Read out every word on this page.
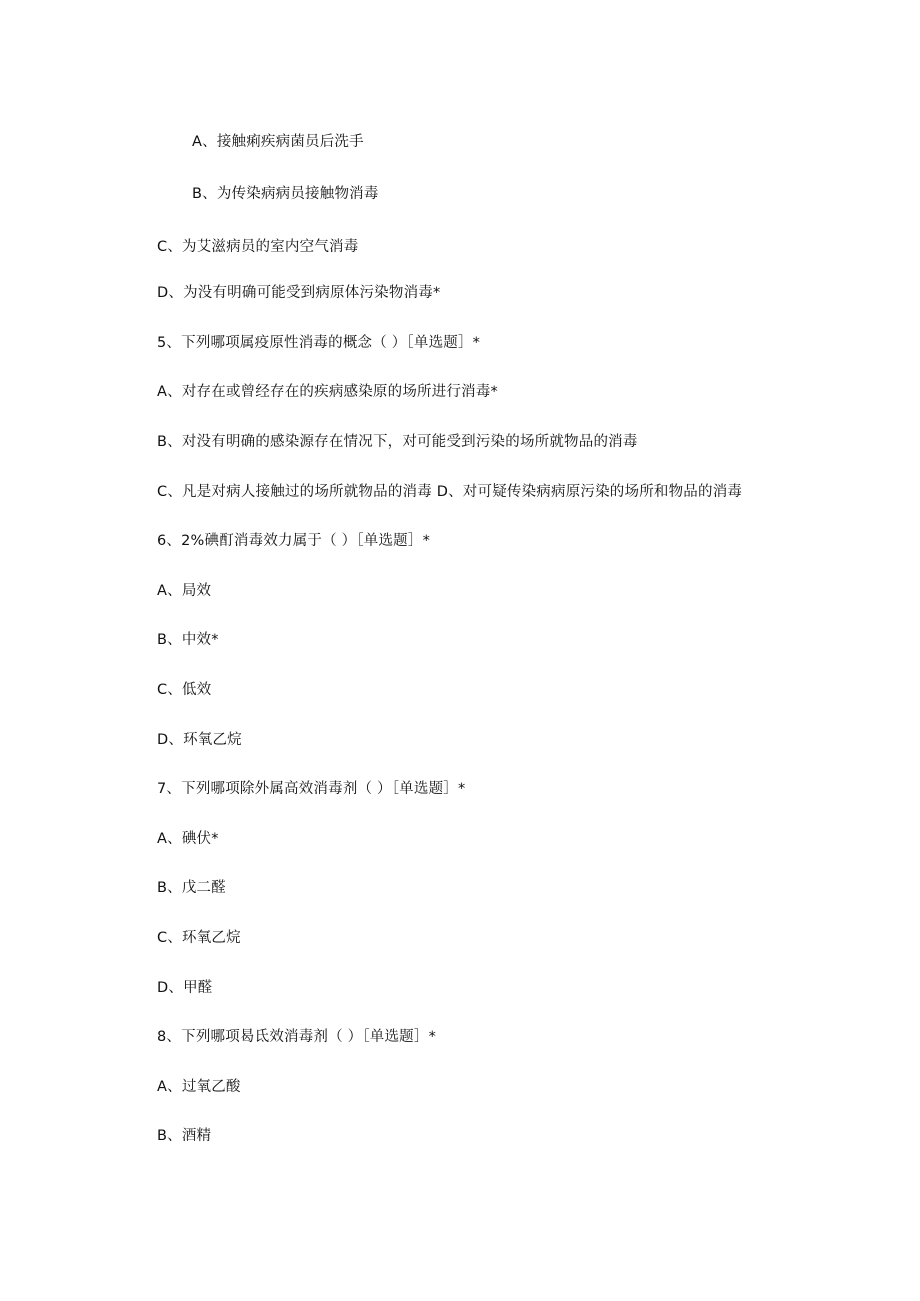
A、接触痢疾病菌员后洗手
B、为传染病病员接触物消毒
C、为艾滋病员的室内空气消毒
D、为没有明确可能受到病原体污染物消毒*
5、下列哪项属疫原性消毒的概念（ ）［单选题］*
A、对存在或曾经存在的疾病感染原的场所进行消毒*
B、对没有明确的感染源存在情况下，对可能受到污染的场所就物品的消毒
C、凡是对病人接触过的场所就物品的消毒 D、对可疑传染病病原污染的场所和物品的消毒
6、2%碘酊消毒效力属于（ ）［单选题］*
A、局效
B、中效*
C、低效
D、环氧乙烷
7、下列哪项除外属高效消毒剂（ ）［单选题］*
A、碘伏*
B、戊二醛
C、环氧乙烷
D、甲醛
8、下列哪项曷氐效消毒剂（ ）［单选题］*
A、过氧乙酸
B、酒精
